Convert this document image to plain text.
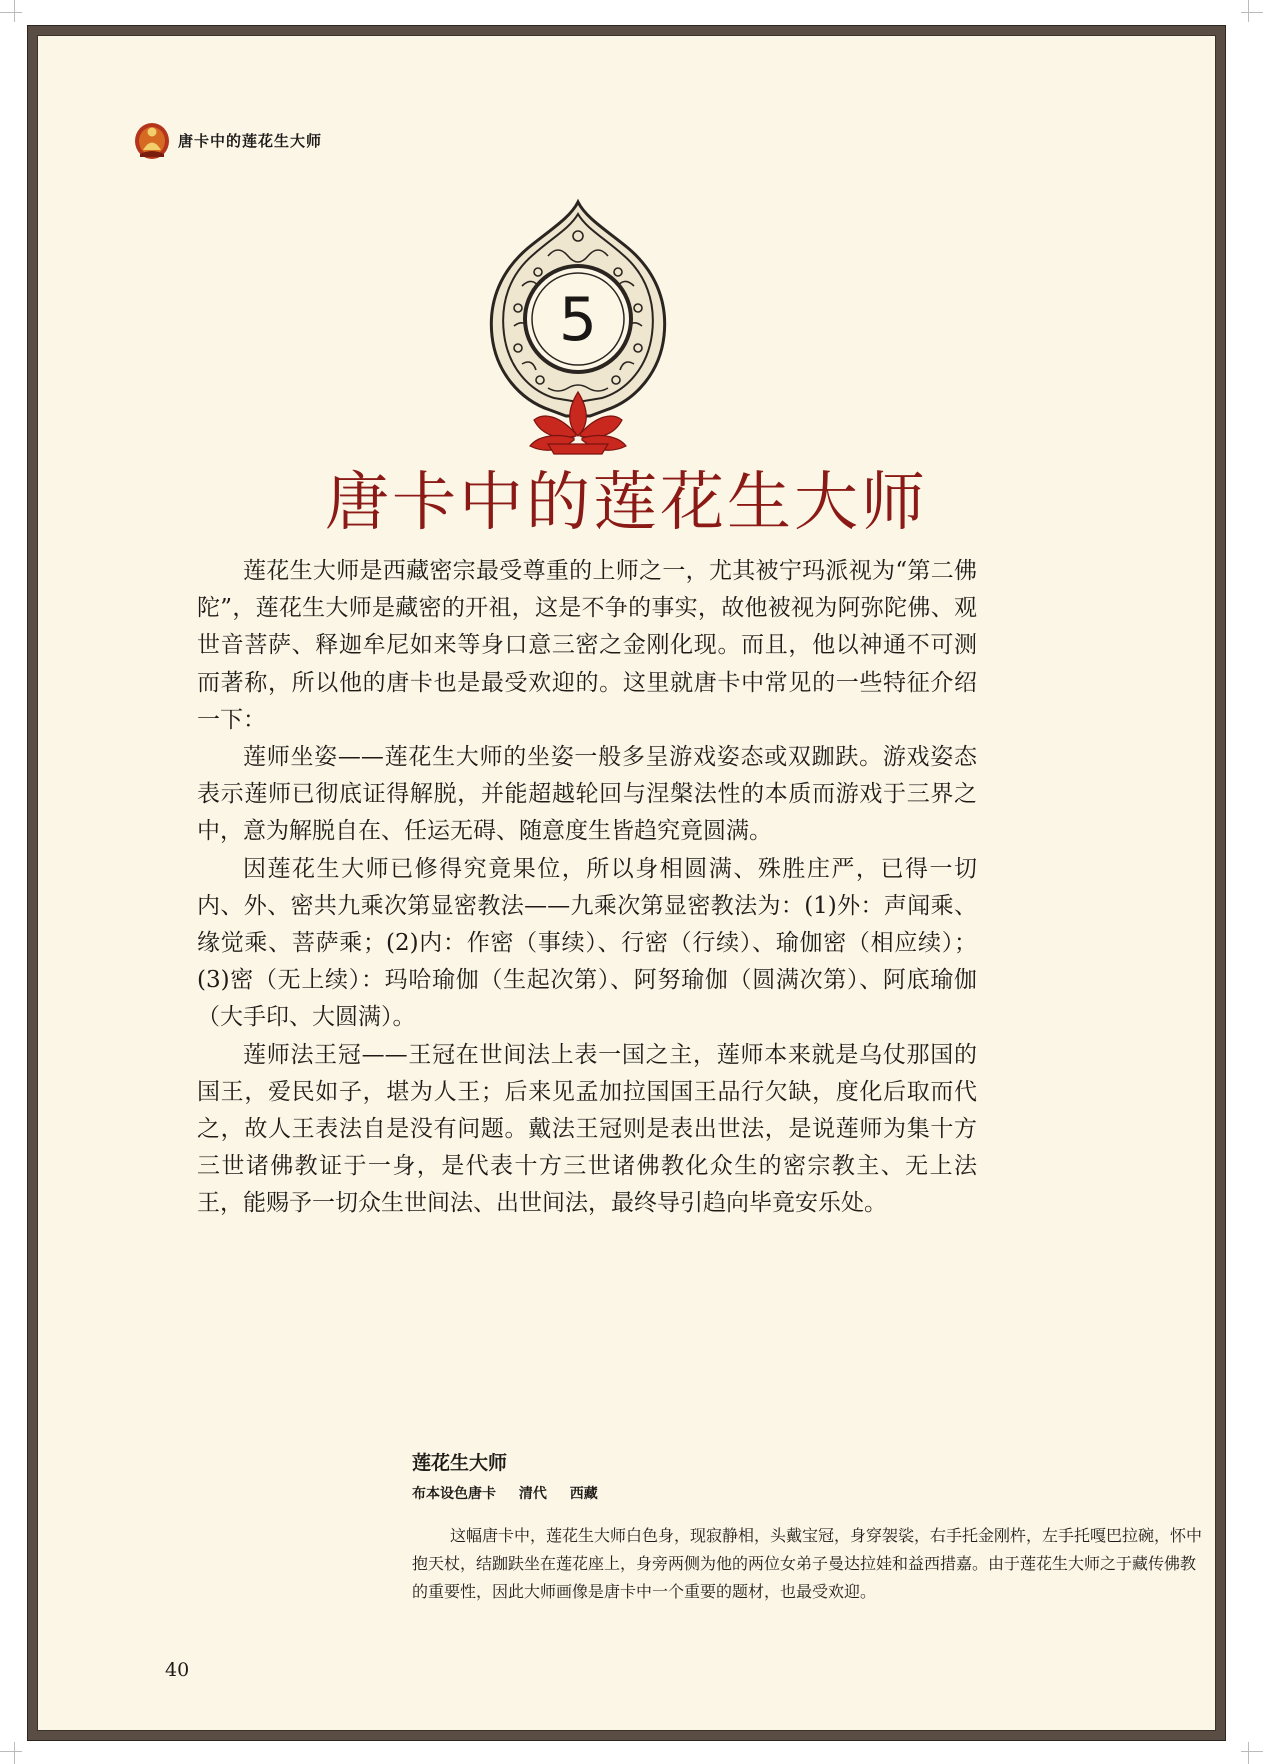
唐卡中的莲花生大师
5
唐卡中的莲花生大师

莲花生大师是西藏密宗最受尊重的上师之一，尤其被宁玛派视为“第二佛陀”，莲花生大师是藏密的开祖，这是不争的事实，故他被视为阿弥陀佛、观世音菩萨、释迦牟尼如来等身口意三密之金刚化现。而且，他以神通不可测而著称，所以他的唐卡也是最受欢迎的。这里就唐卡中常见的一些特征介绍一下：

莲师坐姿——莲花生大师的坐姿一般多呈游戏姿态或双跏趺。游戏姿态表示莲师已彻底证得解脱，并能超越轮回与涅槃法性的本质而游戏于三界之中，意为解脱自在、任运无碍、随意度生皆趋究竟圆满。

因莲花生大师已修得究竟果位，所以身相圆满、殊胜庄严，已得一切内、外、密共九乘次第显密教法——九乘次第显密教法为：(1)外：声闻乘、缘觉乘、菩萨乘；(2)内：作密（事续）、行密（行续）、瑜伽密（相应续）；(3)密（无上续）：玛哈瑜伽（生起次第）、阿努瑜伽（圆满次第）、阿底瑜伽（大手印、大圆满）。

莲师法王冠——王冠在世间法上表一国之主，莲师本来就是乌仗那国的国王，爱民如子，堪为人王；后来见孟加拉国国王品行欠缺，度化后取而代之，故人王表法自是没有问题。戴法王冠则是表出世法，是说莲师为集十方三世诸佛教证于一身，是代表十方三世诸佛教化众生的密宗教主、无上法王，能赐予一切众生世间法、出世间法，最终导引趋向毕竟安乐处。

莲花生大师
布本设色唐卡 清代 西藏

这幅唐卡中，莲花生大师白色身，现寂静相，头戴宝冠，身穿袈裟，右手托金刚杵，左手托嘎巴拉碗，怀中抱天杖，结跏趺坐在莲花座上，身旁两侧为他的两位女弟子曼达拉娃和益西措嘉。由于莲花生大师之于藏传佛教的重要性，因此大师画像是唐卡中一个重要的题材，也最受欢迎。

40
